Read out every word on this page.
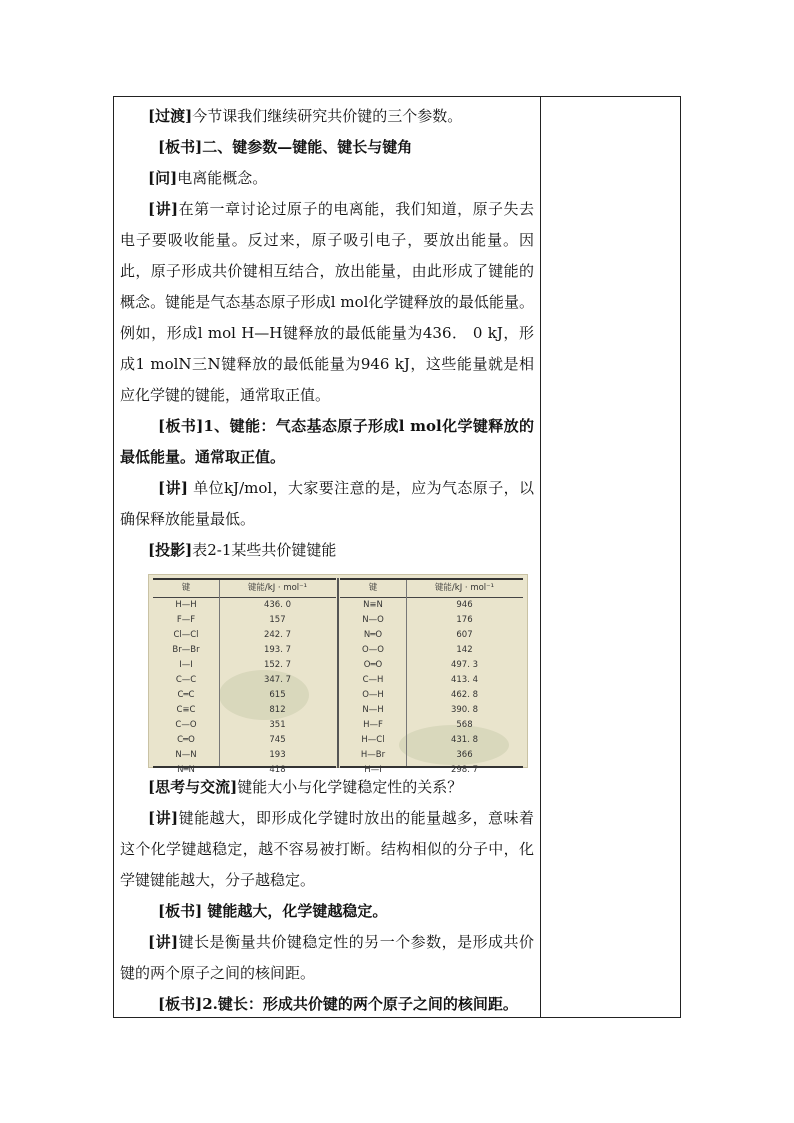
[过渡]今节课我们继续研究共价键的三个参数。

[板书]二、键参数—键能、键长与键角

[问]电离能概念。

[讲]在第一章讨论过原子的电离能，我们知道，原子失去电子要吸收能量。反过来，原子吸引电子，要放出能量。因此，原子形成共价键相互结合，放出能量，由此形成了键能的概念。键能是气态基态原子形成l mol化学键释放的最低能量。例如，形成l mol H—H键释放的最低能量为436． 0 kJ，形成1 molN三N键释放的最低能量为946 kJ，这些能量就是相应化学键的键能，通常取正值。

[板书]1、键能：气态基态原子形成l mol化学键释放的最低能量。通常取正值。

[讲] 单位kJ/mol，大家要注意的是，应为气态原子，以确保释放能量最低。

[投影]表2-1某些共价键键能

键	键能/kJ · mol⁻¹
H—H	436. 0
F—F	157
Cl—Cl	242. 7
Br—Br	193. 7
I—I	152. 7
C—C	347. 7
C═C	615
C≡C	812
C—O	351
C═O	745
N—N	193
N═N	418
键	键能/kJ · mol⁻¹
N≡N	946
N—O	176
N═O	607
O—O	142
O═O	497. 3
C—H	413. 4
O—H	462. 8
N—H	390. 8
H—F	568
H—Cl	431. 8
H—Br	366
H—I	298. 7

[思考与交流]键能大小与化学键稳定性的关系？

[讲]键能越大，即形成化学键时放出的能量越多，意味着这个化学键越稳定，越不容易被打断。结构相似的分子中，化学键键能越大，分子越稳定。

[板书] 键能越大，化学键越稳定。

[讲]键长是衡量共价键稳定性的另一个参数，是形成共价键的两个原子之间的核间距。

[板书]2.键长：形成共价键的两个原子之间的核间距。
